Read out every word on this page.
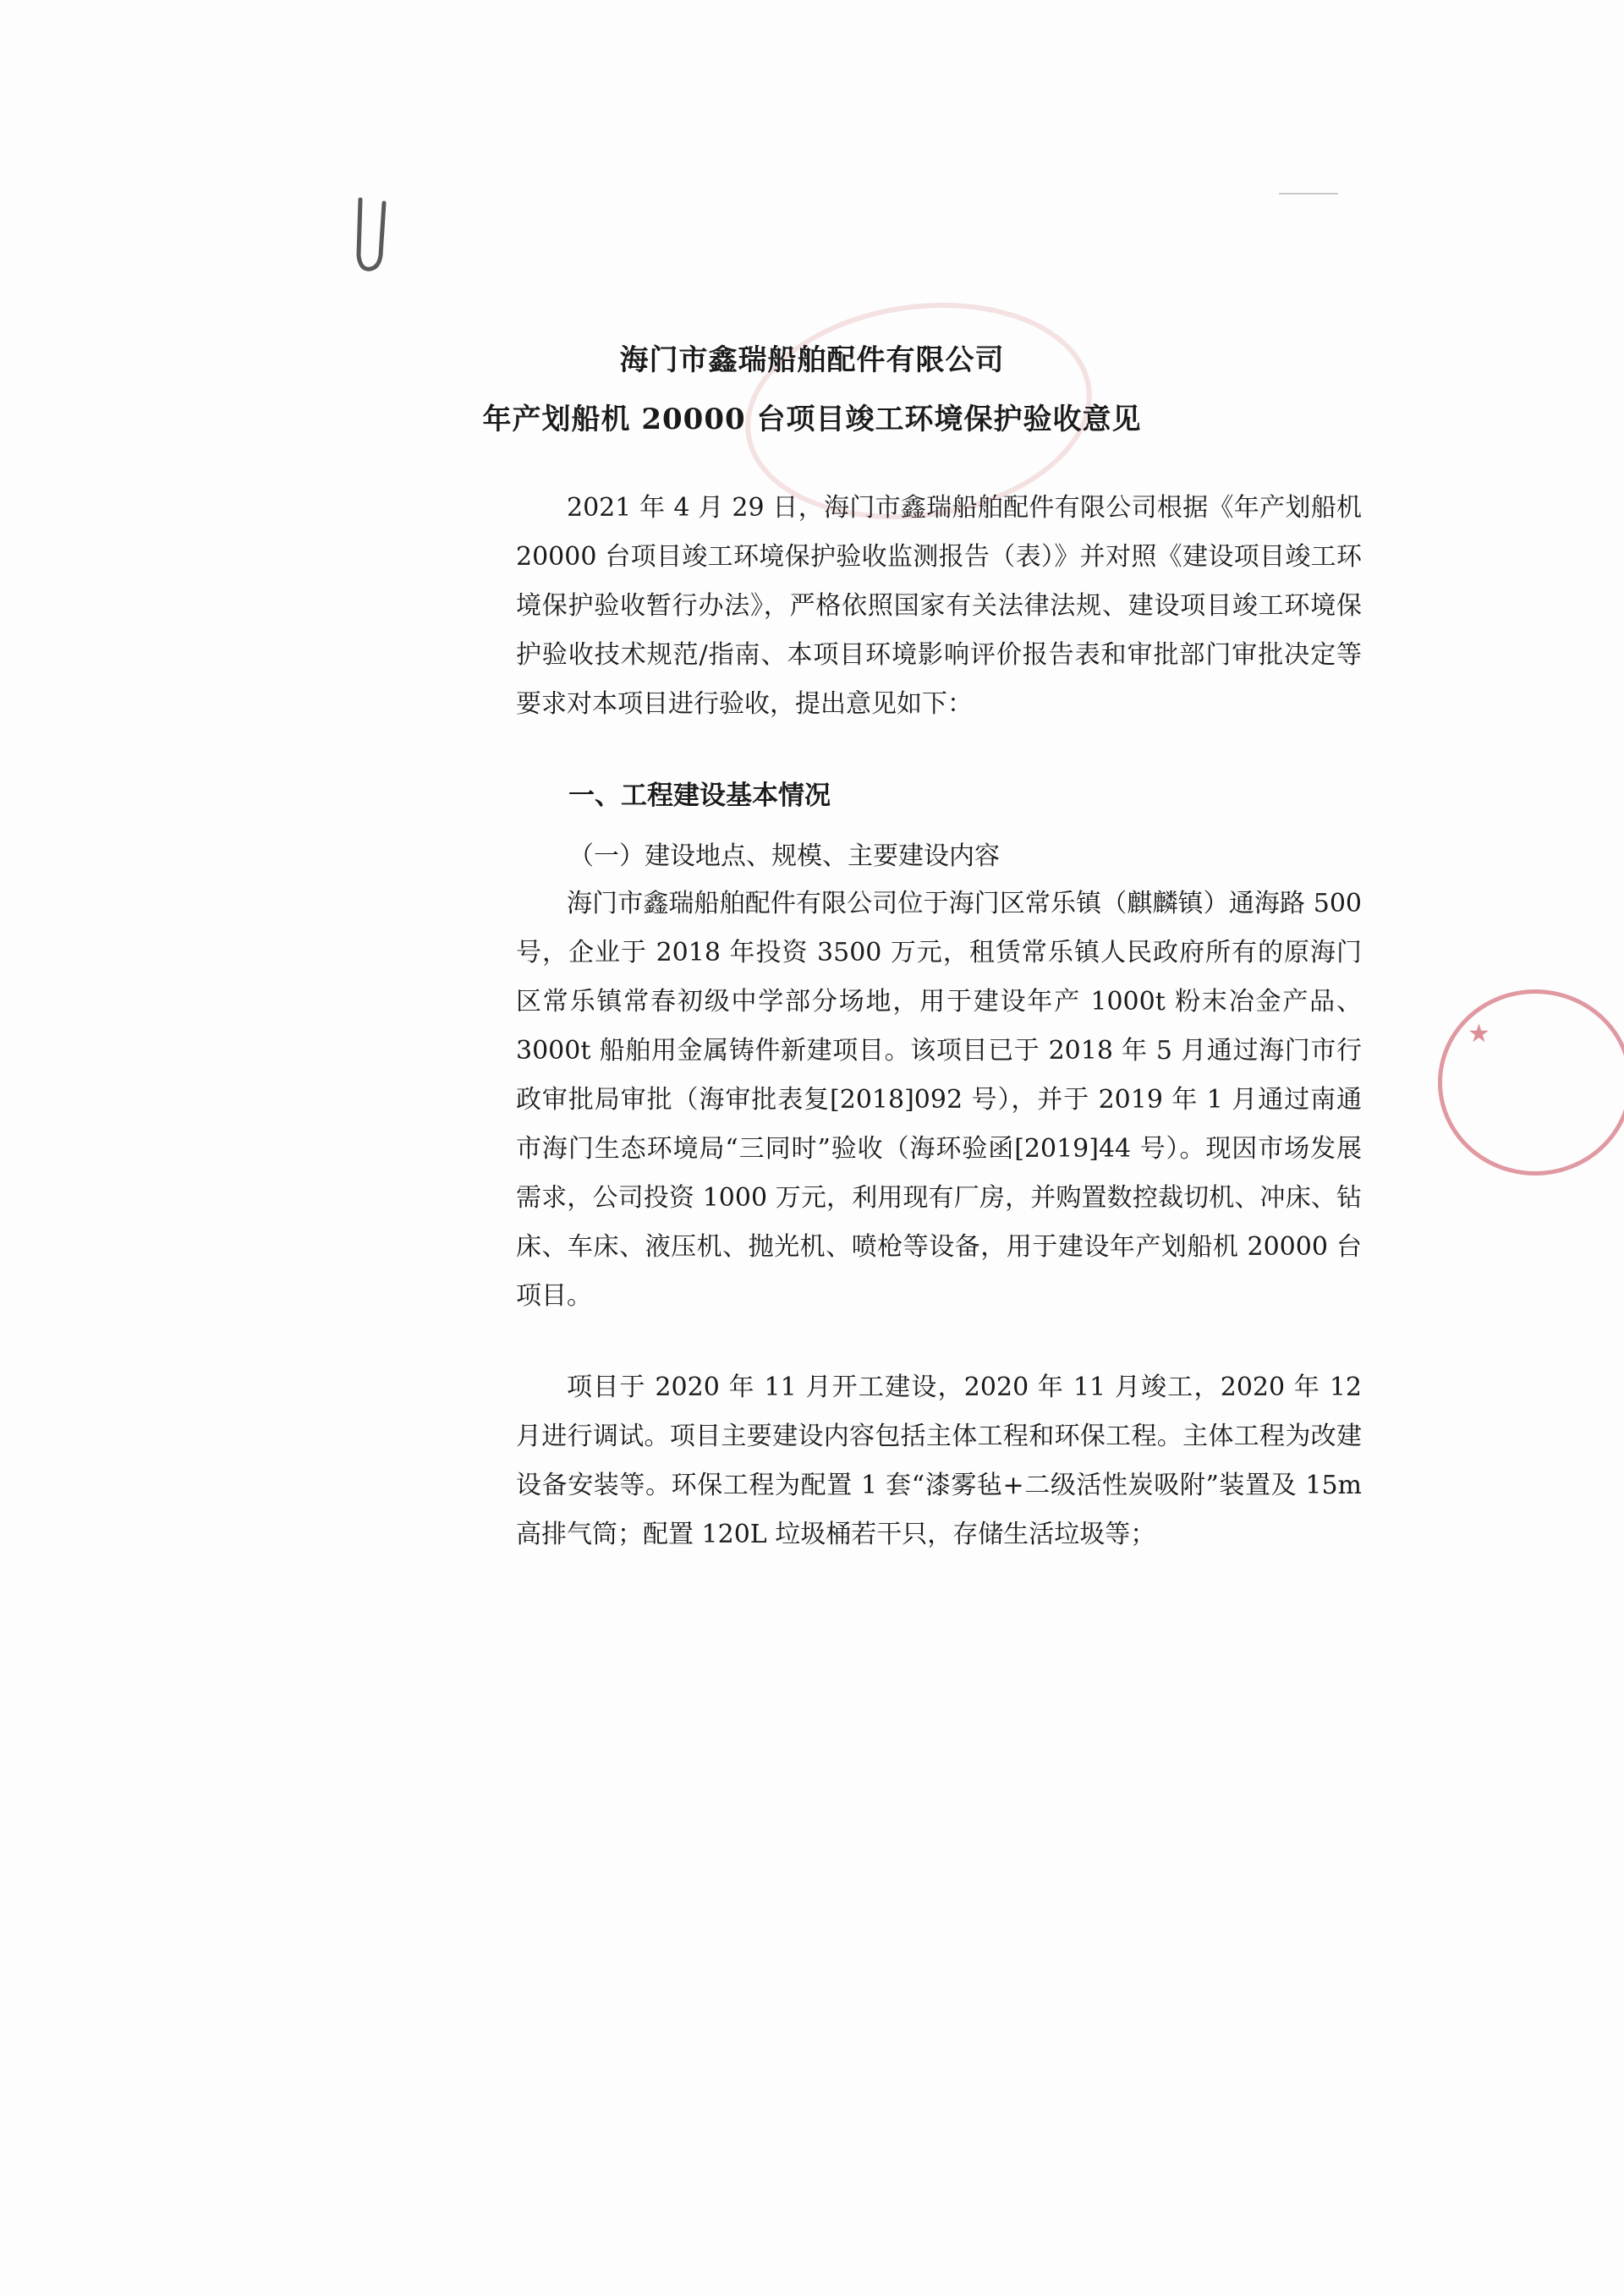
★
海门市鑫瑞船舶配件有限公司
年产划船机 20000 台项目竣工环境保护验收意见
2021 年 4 月 29 日，海门市鑫瑞船舶配件有限公司根据《年产划船机 20000 台项目竣工环境保护验收监测报告（表）》并对照《建设项目竣工环境保护验收暂行办法》，严格依照国家有关法律法规、建设项目竣工环境保护验收技术规范/指南、本项目环境影响评价报告表和审批部门审批决定等要求对本项目进行验收，提出意见如下：
一、工程建设基本情况
（一）建设地点、规模、主要建设内容
海门市鑫瑞船舶配件有限公司位于海门区常乐镇（麒麟镇）通海路 500 号，企业于 2018 年投资 3500 万元，租赁常乐镇人民政府所有的原海门区常乐镇常春初级中学部分场地，用于建设年产 1000t 粉末冶金产品、3000t 船舶用金属铸件新建项目。该项目已于 2018 年 5 月通过海门市行政审批局审批（海审批表复[2018]092 号），并于 2019 年 1 月通过南通市海门生态环境局“三同时”验收（海环验函[2019]44 号）。现因市场发展需求，公司投资 1000 万元，利用现有厂房，并购置数控裁切机、冲床、钻床、车床、液压机、抛光机、喷枪等设备，用于建设年产划船机 20000 台项目。
项目于 2020 年 11 月开工建设，2020 年 11 月竣工，2020 年 12 月进行调试。项目主要建设内容包括主体工程和环保工程。主体工程为改建设备安装等。环保工程为配置 1 套“漆雾毡+二级活性炭吸附”装置及 15m 高排气筒；配置 120L 垃圾桶若干只，存储生活垃圾等；
